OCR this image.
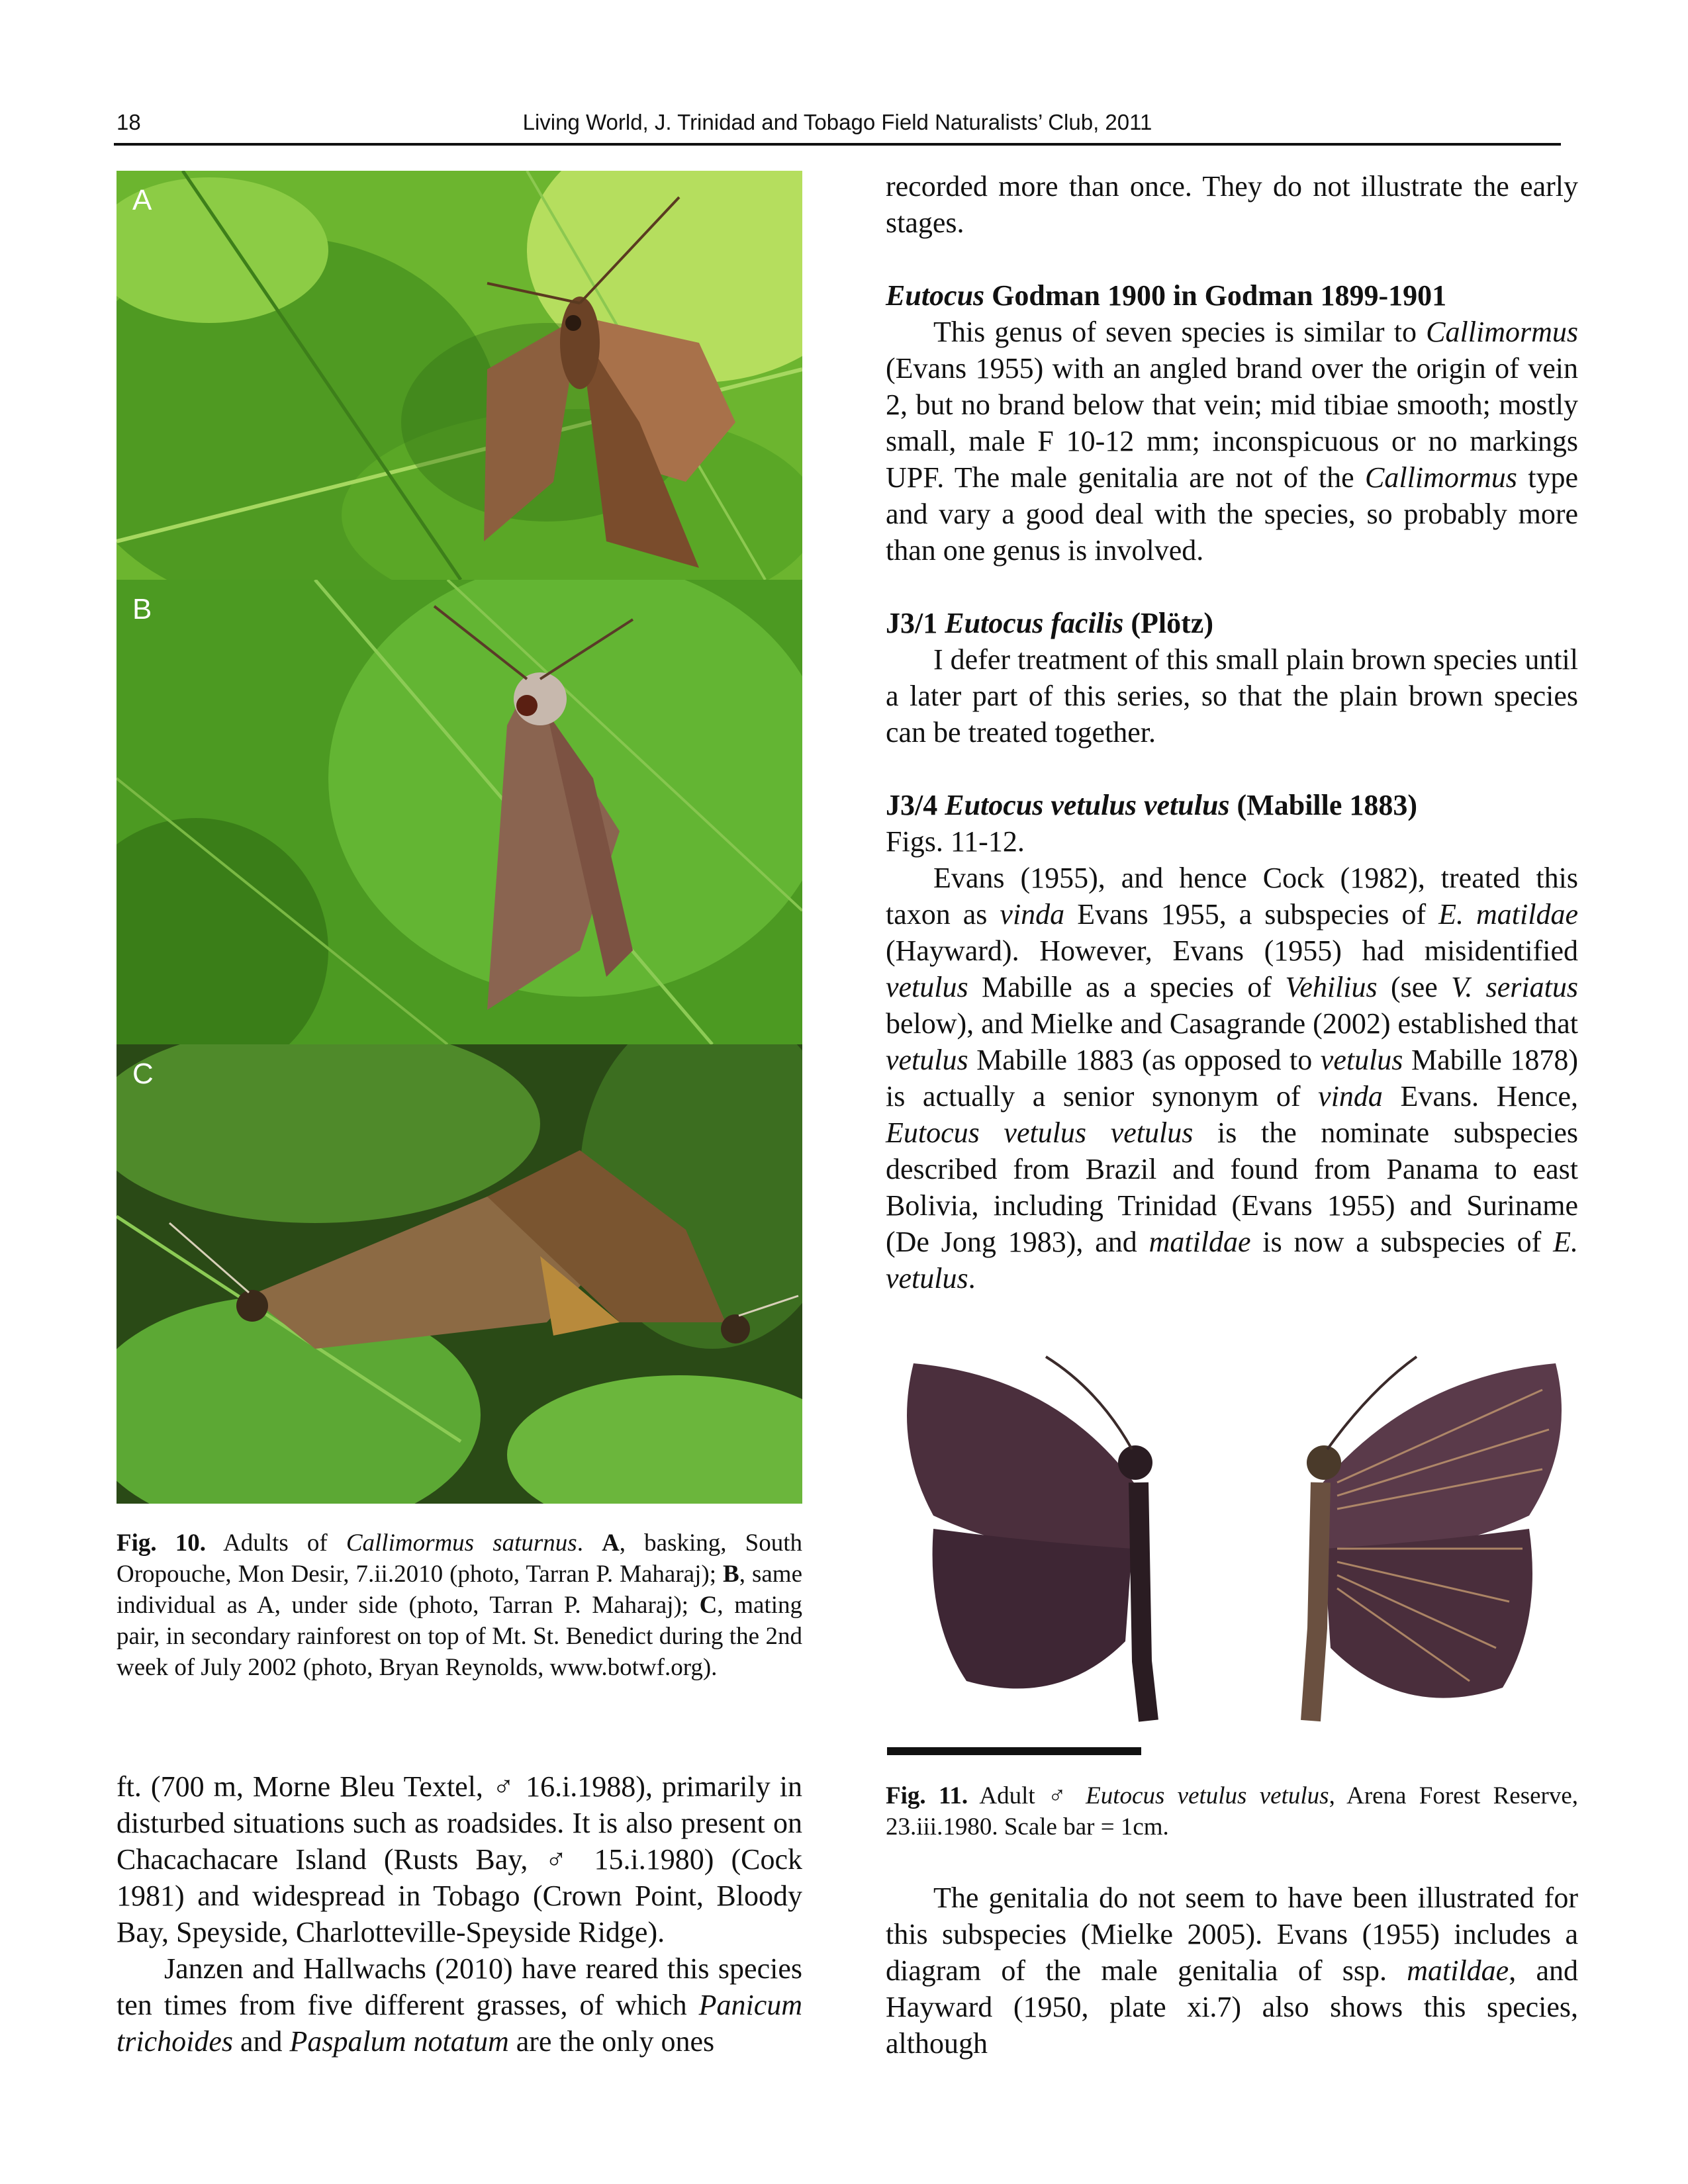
18	Living World, J. Trinidad and Tobago Field Naturalists’ Club, 2011
A
B
C

Fig. 10. Adults of Callimormus saturnus. A, basking, South Oropouche, Mon Desir, 7.ii.2010 (photo, Tarran P. Maharaj); B, same individual as A, under side (photo, Tarran P. Maharaj); C, mating pair, in secondary rainforest on top of Mt. St. Benedict during the 2nd week of July 2002 (photo, Bryan Reynolds, www.botwf.org).

ft. (700 m, Morne Bleu Textel, ♂ 16.i.1988), primarily in disturbed situations such as roadsides. It is also present on Chacachacare Island (Rusts Bay, ♂ 15.i.1980) (Cock 1981) and widespread in Tobago (Crown Point, Bloody Bay, Speyside, Charlotteville-Speyside Ridge).

Janzen and Hallwachs (2010) have reared this species ten times from five different grasses, of which Panicum trichoides and Paspalum notatum are the only ones

recorded more than once. They do not illustrate the early stages.

Eutocus Godman 1900 in Godman 1899-1901

This genus of seven species is similar to Callimormus (Evans 1955) with an angled brand over the origin of vein 2, but no brand below that vein; mid tibiae smooth; mostly small, male F 10-12 mm; inconspicuous or no markings UPF. The male genitalia are not of the Callimormus type and vary a good deal with the species, so probably more than one genus is involved.

J3/1 Eutocus facilis (Plötz)

I defer treatment of this small plain brown species until a later part of this series, so that the plain brown species can be treated together.

J3/4 Eutocus vetulus vetulus (Mabille 1883)

Figs. 11-12.

Evans (1955), and hence Cock (1982), treated this taxon as vinda Evans 1955, a subspecies of E. matildae (Hayward). However, Evans (1955) had misidentified vetulus Mabille as a species of Vehilius (see V. seriatus below), and Mielke and Casagrande (2002) established that vetulus Mabille 1883 (as opposed to vetulus Mabille 1878) is actually a senior synonym of vinda Evans. Hence, Eutocus vetulus vetulus is the nominate subspecies described from Brazil and found from Panama to east Bolivia, including Trinidad (Evans 1955) and Suriname (De Jong 1983), and matildae is now a subspecies of E. vetulus.

Fig. 11. Adult ♂ Eutocus vetulus vetulus, Arena Forest Reserve, 23.iii.1980. Scale bar = 1cm.

The genitalia do not seem to have been illustrated for this subspecies (Mielke 2005). Evans (1955) includes a diagram of the male genitalia of ssp. matildae, and Hayward (1950, plate xi.7) also shows this species, although
